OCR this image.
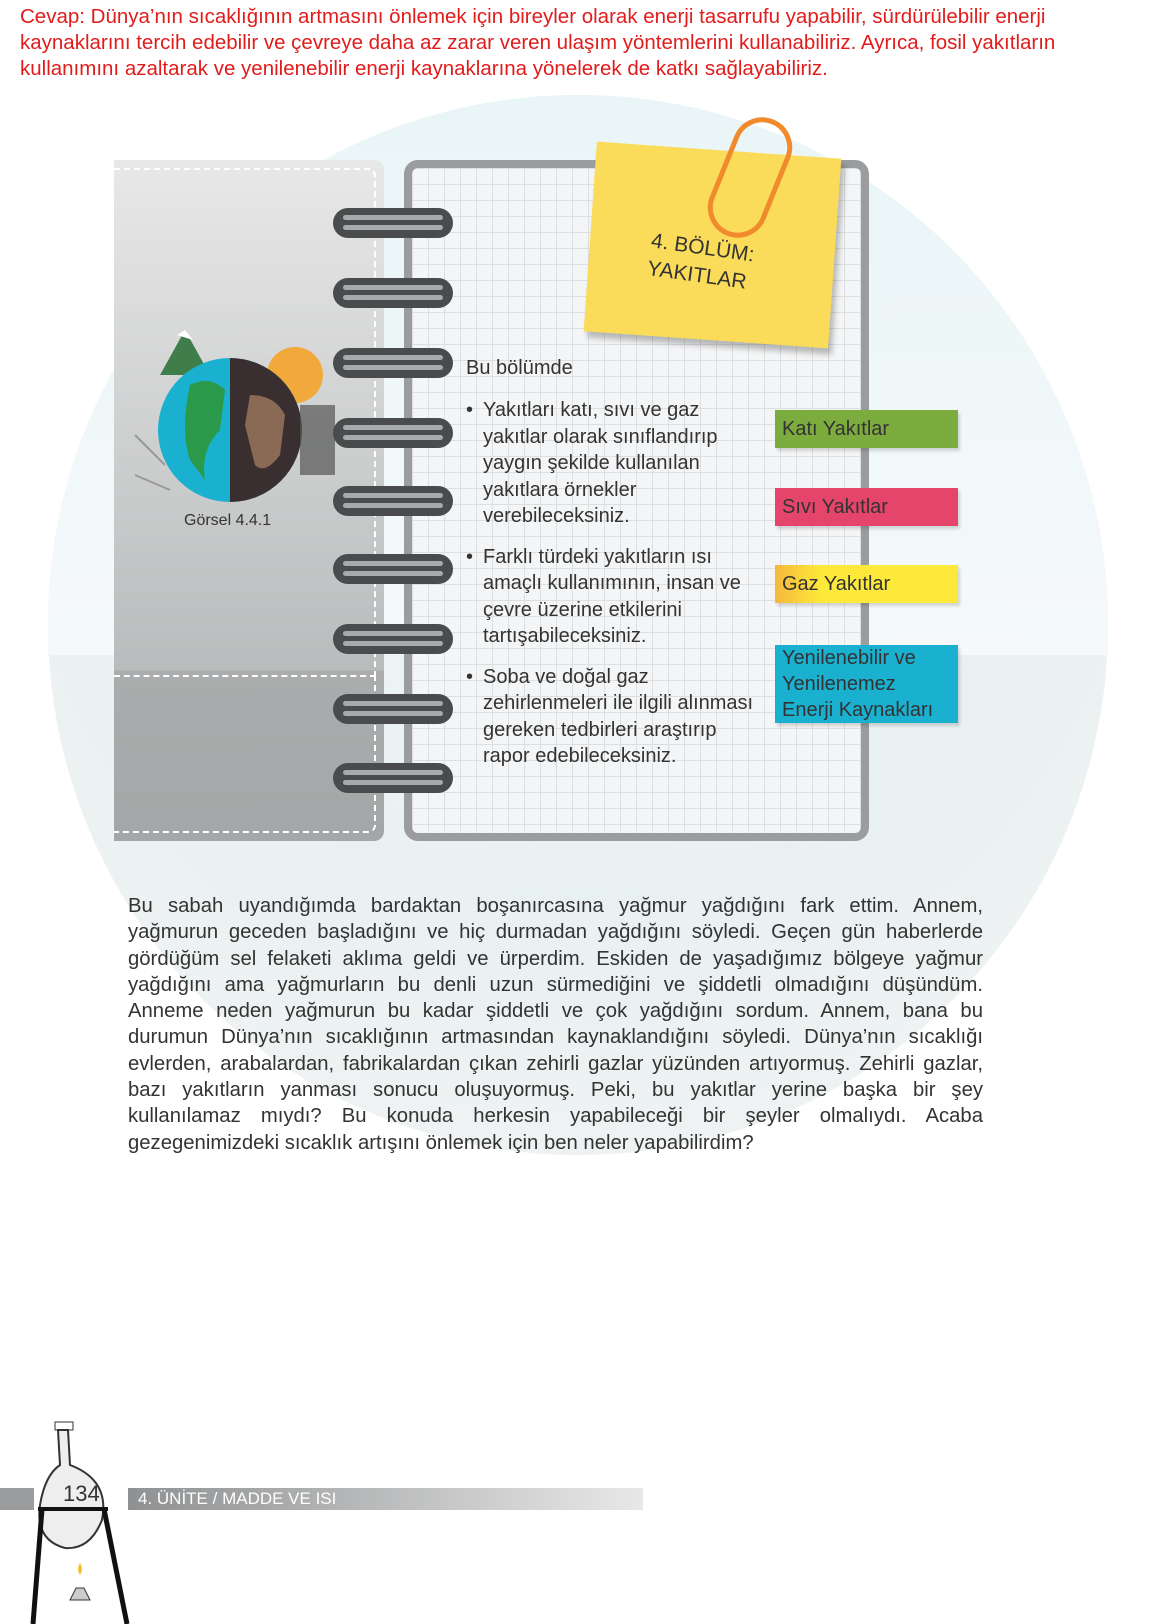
Cevap: Dünya’nın sıcaklığının artmasını önlemek için bireyler olarak enerji tasarrufu yapabilir, sürdürülebilir enerji kaynaklarını tercih edebilir ve çevreye daha az zarar veren ulaşım yöntemlerini kullanabiliriz. Ayrıca, fosil yakıtların kullanımını azaltarak ve yenilenebilir enerji kaynaklarına yönelerek de katkı sağlayabiliriz.
Görsel 4.4.1
4. BÖLÜM:
YAKITLAR
Bu bölümde
• Yakıtları katı, sıvı ve gaz yakıtlar olarak sınıflandırıp yaygın şekilde kullanılan yakıtlara örnekler verebileceksiniz.
• Farklı türdeki yakıtların ısı amaçlı kullanımının, insan ve çevre üzerine etkilerini tartışabileceksiniz.
• Soba ve doğal gaz zehirlenmeleri ile ilgili alınması gereken tedbirleri araştırıp rapor edebileceksiniz.
Katı Yakıtlar
Sıvı Yakıtlar
Gaz Yakıtlar
Yenilenebilir ve Yenilenemez Enerji Kaynakları
Bu sabah uyandığımda bardaktan boşanırcasına yağmur yağdığını fark ettim. Annem, yağmurun geceden başladığını ve hiç durmadan yağdığını söyledi. Geçen gün haberlerde gördüğüm sel felaketi aklıma geldi ve ürperdim. Eskiden de yaşadığımız bölgeye yağmur yağdığını ama yağmurların bu denli uzun sürmediğini ve şiddetli olmadığını düşündüm. Anneme neden yağmurun bu kadar şiddetli ve çok yağdığını sordum. Annem, bana bu durumun Dünya’nın sıcaklığının artmasından kaynaklandığını söyledi. Dünya’nın sıcaklığı evlerden, arabalardan, fabrikalardan çıkan zehirli gazlar yüzünden artıyormuş. Zehirli gazlar, bazı yakıtların yanması sonucu oluşuyormuş. Peki, bu yakıtlar yerine başka bir şey kullanılamaz mıydı? Bu konuda herkesin yapabileceği bir şeyler olmalıydı. Acaba gezegenimizdeki sıcaklık artışını önlemek için ben neler yapabilirdim?
134 4. ÜNİTE / MADDE VE ISI
